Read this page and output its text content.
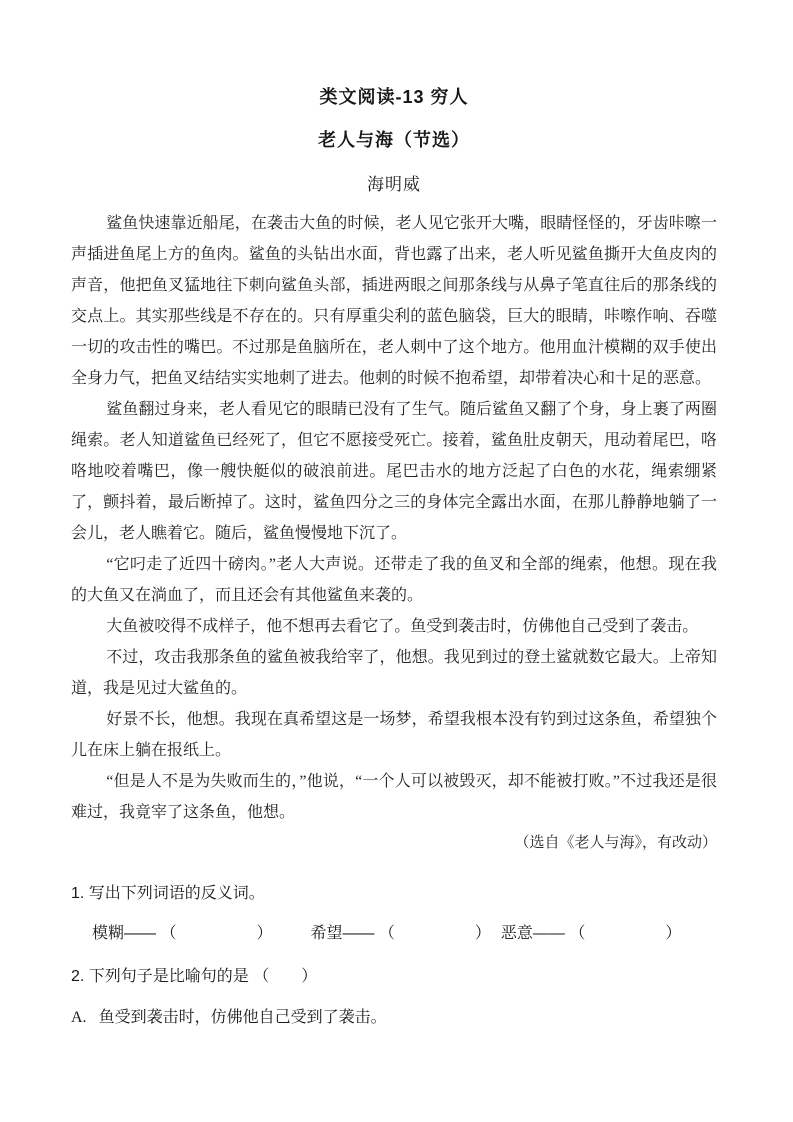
类文阅读-13 穷人
老人与海（节选）
海明威

鲨鱼快速靠近船尾，在袭击大鱼的时候，老人见它张开大嘴，眼睛怪怪的，牙齿咔嚓一声插进鱼尾上方的鱼肉。鲨鱼的头钻出水面，背也露了出来，老人听见鲨鱼撕开大鱼皮肉的声音，他把鱼叉猛地往下刺向鲨鱼头部，插进两眼之间那条线与从鼻子笔直往后的那条线的交点上。其实那些线是不存在的。只有厚重尖利的蓝色脑袋，巨大的眼睛，咔嚓作响、吞噬一切的攻击性的嘴巴。不过那是鱼脑所在，老人刺中了这个地方。他用血汁模糊的双手使出全身力气，把鱼叉结结实实地刺了进去。他刺的时候不抱希望，却带着决心和十足的恶意。

鲨鱼翻过身来，老人看见它的眼睛已没有了生气。随后鲨鱼又翻了个身，身上裹了两圈绳索。老人知道鲨鱼已经死了，但它不愿接受死亡。接着，鲨鱼肚皮朝天，甩动着尾巴，咯咯地咬着嘴巴，像一艘快艇似的破浪前进。尾巴击水的地方泛起了白色的水花，绳索绷紧了，颤抖着，最后断掉了。这时，鲨鱼四分之三的身体完全露出水面，在那儿静静地躺了一会儿，老人瞧着它。随后，鲨鱼慢慢地下沉了。

“它叼走了近四十磅肉。”老人大声说。还带走了我的鱼叉和全部的绳索，他想。现在我的大鱼又在淌血了，而且还会有其他鲨鱼来袭的。

大鱼被咬得不成样子，他不想再去看它了。鱼受到袭击时，仿佛他自己受到了袭击。

不过，攻击我那条鱼的鲨鱼被我给宰了，他想。我见到过的登土鲨就数它最大。上帝知道，我是见过大鲨鱼的。

好景不长，他想。我现在真希望这是一场梦，希望我根本没有钓到过这条鱼，希望独个儿在床上躺在报纸上。

“但是人不是为失败而生的，”他说，“一个人可以被毁灭，却不能被打败。”不过我还是很难过，我竟宰了这条鱼，他想。

（选自《老人与海》，有改动）
1. 写出下列词语的反义词。
模糊—— （　　　　　） 希望—— （　　　　　） 恶意—— （　　　　　）
2. 下列句子是比喻句的是 （　　）
A. 鱼受到袭击时，仿佛他自己受到了袭击。
